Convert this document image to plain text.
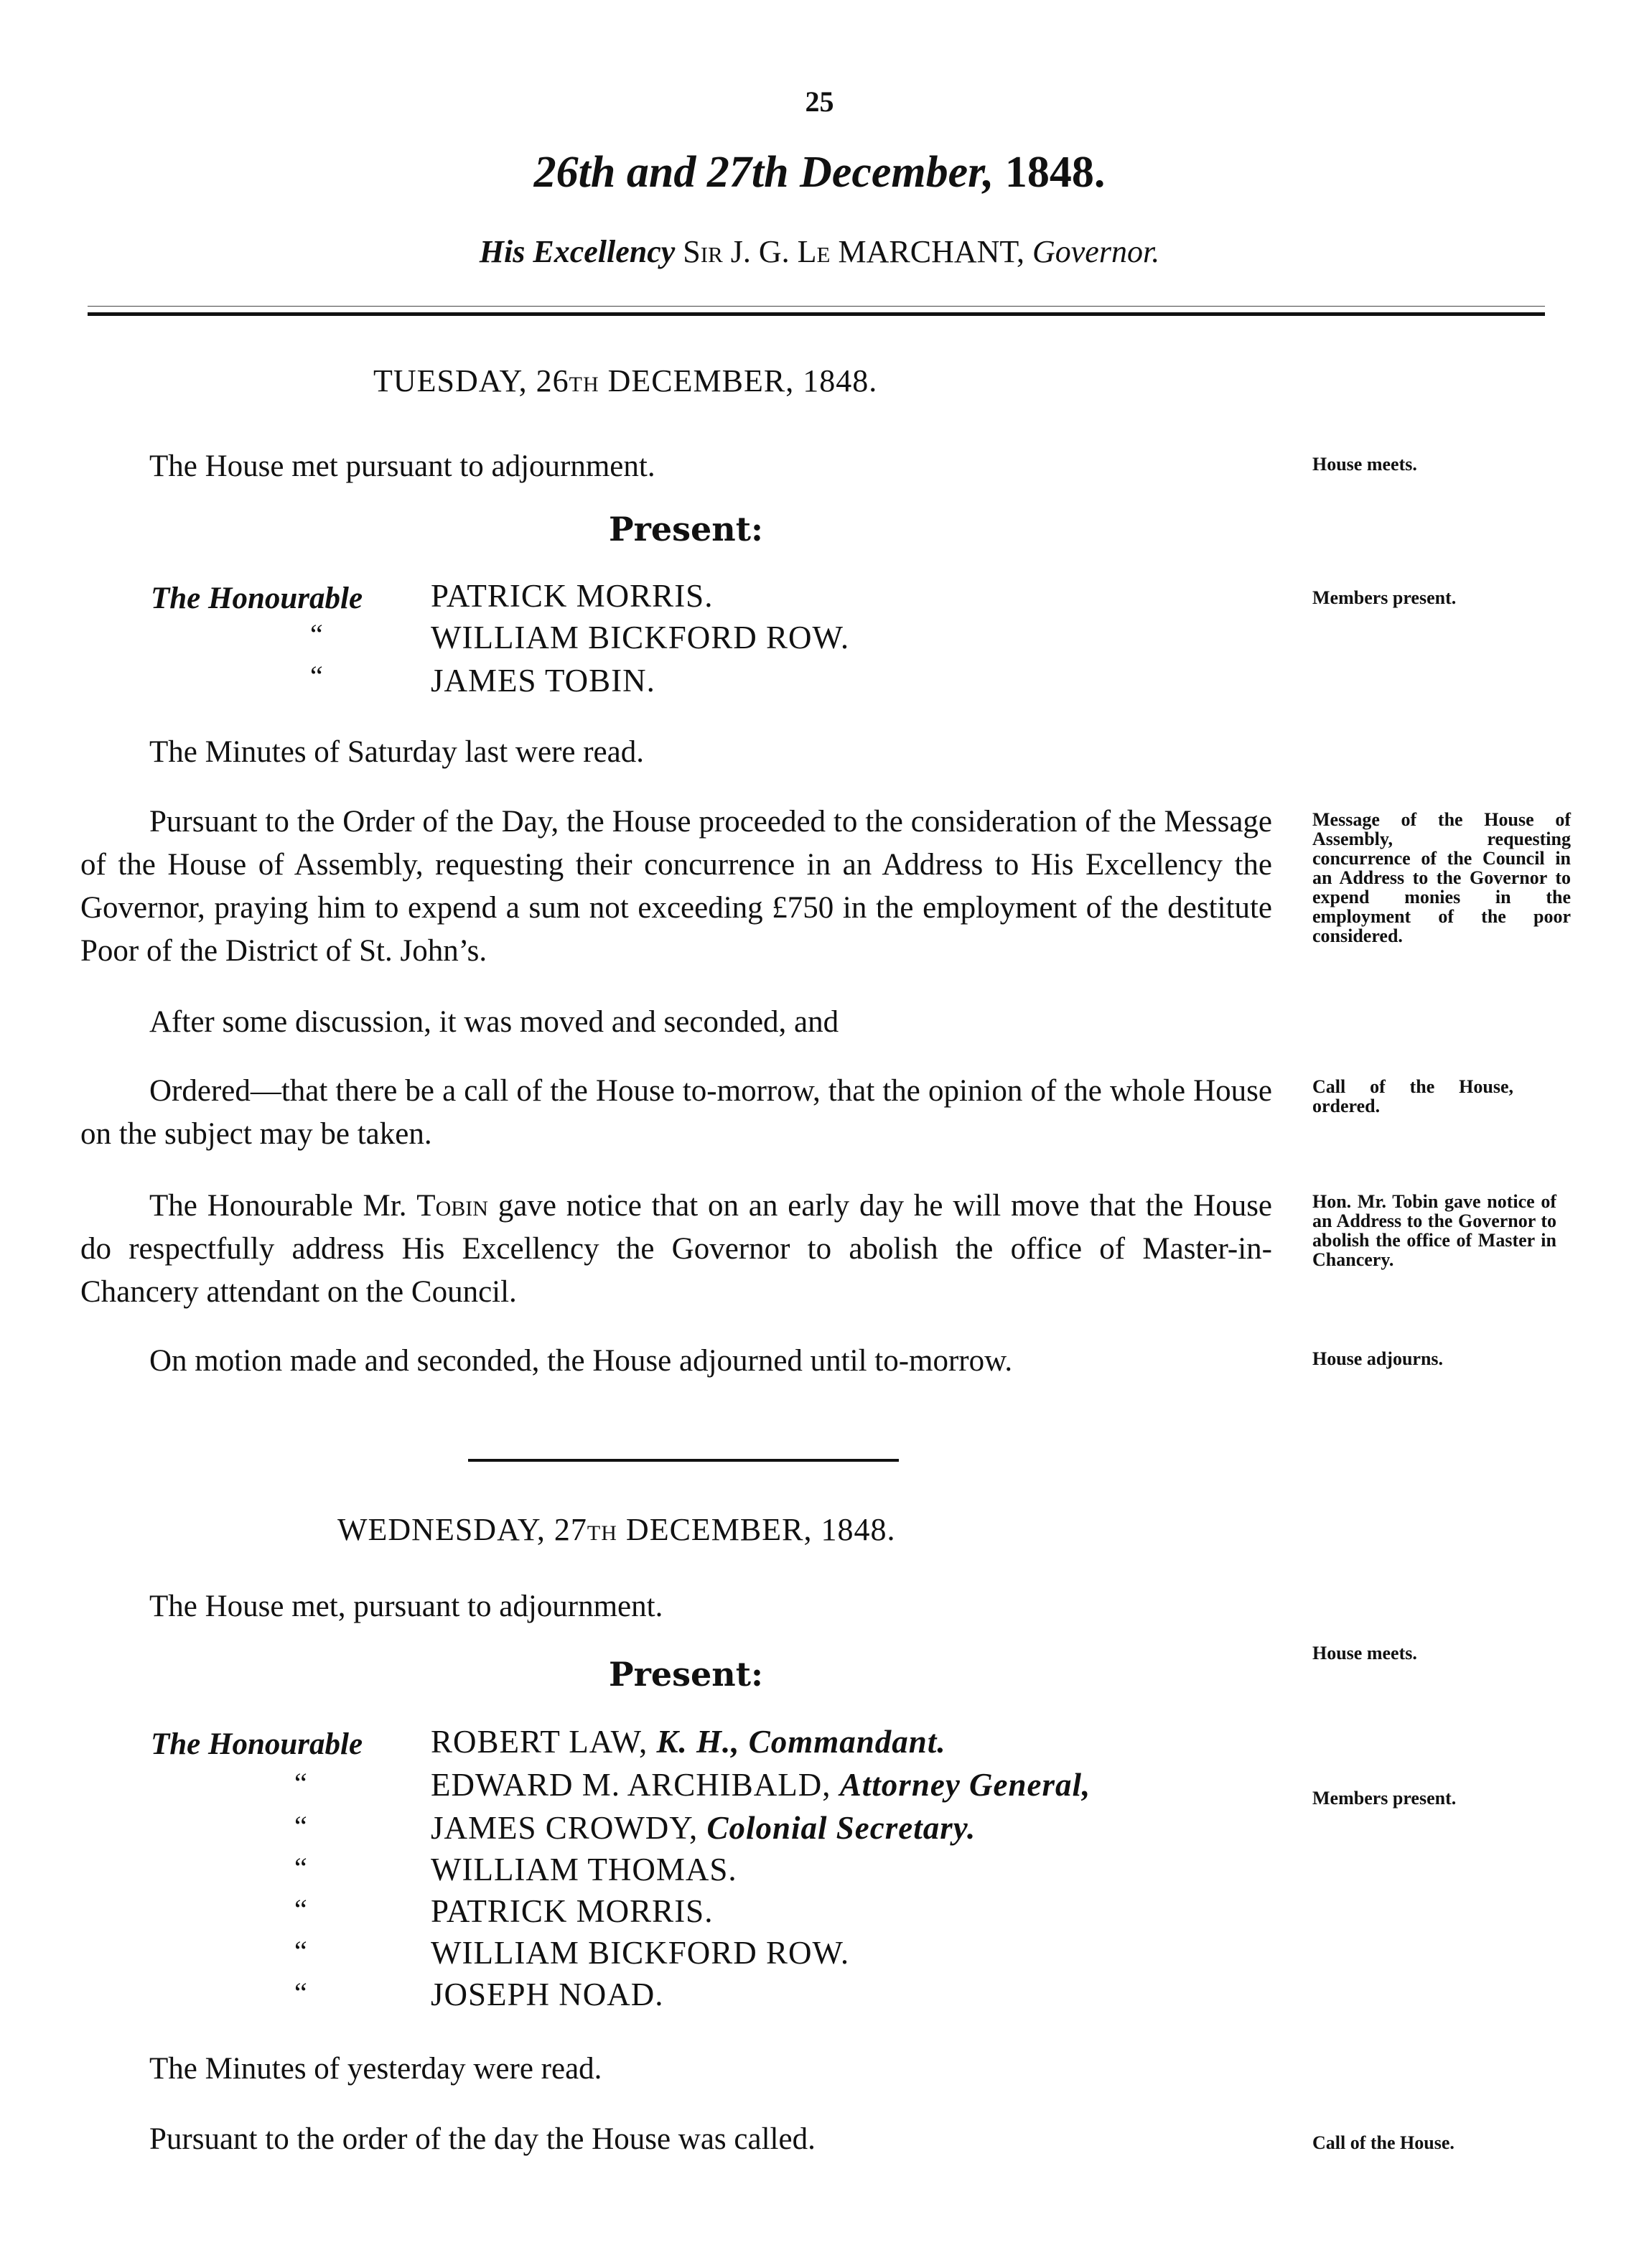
25
26th and 27th December, 1848.
His Excellency Sir J. G. Le MARCHANT, Governor.
TUESDAY, 26TH DECEMBER, 1848.
The House met pursuant to adjournment.
Present:
The Honourable PATRICK MORRIS.
“	WILLIAM BICKFORD ROW.
“	JAMES TOBIN.
The Minutes of Saturday last were read.
Pursuant to the Order of the Day, the House proceeded to the consideration of the Message of the House of Assembly, requesting their concurrence in an Address to His Excellency the Governor, praying him to expend a sum not exceeding £750 in the employment of the destitute Poor of the District of St. John’s.
After some discussion, it was moved and seconded, and
Ordered—that there be a call of the House to-morrow, that the opinion of the whole House on the subject may be taken.
The Honourable Mr. Tobin gave notice that on an early day he will move that the House do respectfully address His Excellency the Governor to abolish the office of Master-in-Chancery attendant on the Council.
On motion made and seconded, the House adjourned until to-morrow.
WEDNESDAY, 27TH DECEMBER, 1848.
The House met, pursuant to adjournment.
Present:
The Honourable ROBERT LAW, K. H., Commandant.
“	EDWARD M. ARCHIBALD, Attorney General,
“	JAMES CROWDY, Colonial Secretary.
“	WILLIAM THOMAS.
“	PATRICK MORRIS.
“	WILLIAM BICKFORD ROW.
“	JOSEPH NOAD.
The Minutes of yesterday were read.
Pursuant to the order of the day the House was called.
House meets.
Members present.
Message of the House of Assembly, requesting concurrence of the Council in an Address to the Governor to expend monies in the employment of the poor considered.
Call of the House, ordered.
Hon. Mr. Tobin gave notice of an Address to the Governor to abolish the office of Master in Chancery.
House adjourns.
House meets.
Members present.
Call of the House.
